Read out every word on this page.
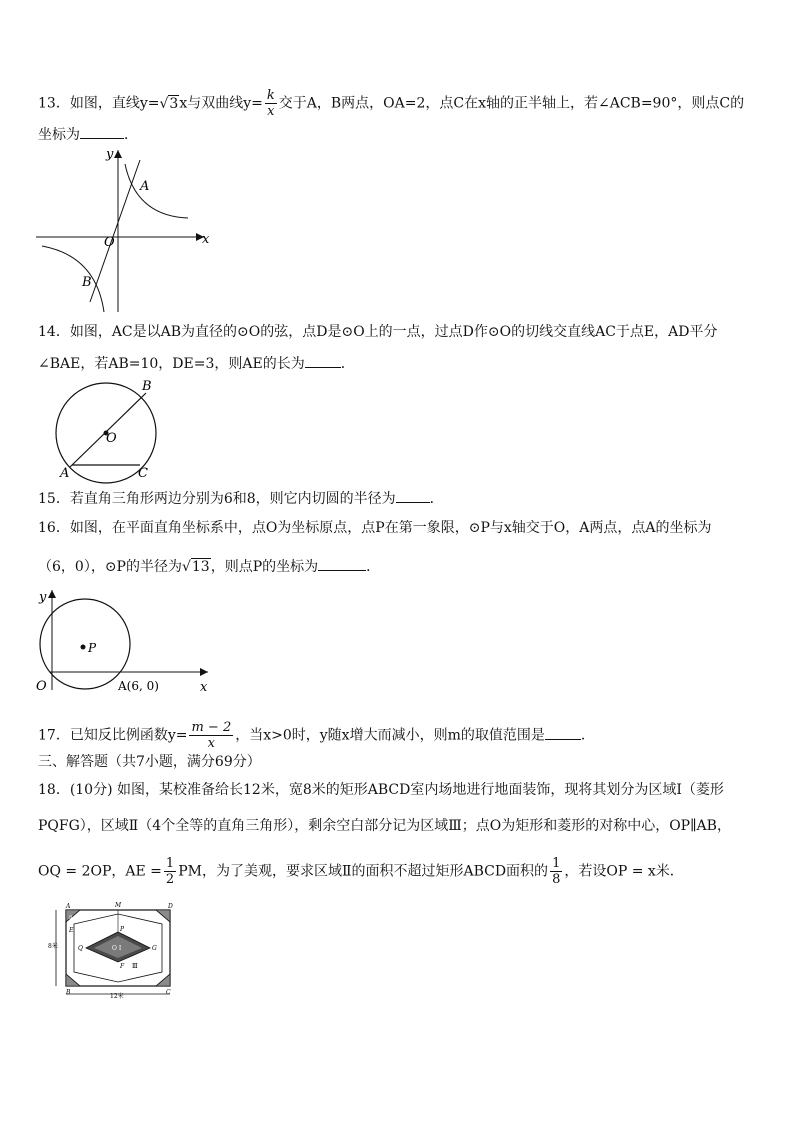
13．如图，直线y=√3x与双曲线$y= \frac{k}{x}$ 交于A，B两点，OA=2，点C在x轴的正半轴上，若∠ACB=90°，则点C的
坐标为	．
y
x
O
A
B
14．如图，AC是以AB为直径的⊙O的弦，点D是⊙O上的一点，过点D作⊙O的切线交直线AC于点E，AD平分
∠BAE，若AB=10，DE=3，则AE的长为	．
B
O
A	C
15．若直角三角形两边分别为6和8，则它内切圆的半径为 ．
16．如图，在平面直角坐标系中，点O为坐标原点，点P在第一象限，⊙P与x轴交于O，A两点，点A的坐标为
（6，0），⊙P的半径为√13，则点P的坐标为	．
y
x
O
P
A(6, 0)
17．已知反比例函数$y= \frac{m - 2}{x}$ ，当x>0时，y随x增大而减小，则m的取值范围是	．
三、解答题（共7小题，满分69分）
18．(10分) 如图，某校准备给长12米，宽8米的矩形ABCD室内场地进行地面装饰，现将其划分为区域Ⅰ（菱形
PQFG），区域Ⅱ（4个全等的直角三角形），剩余空白部分记为区域Ⅲ；点O为矩形和菱形的对称中心，OP∥AB，
OQ = 2OP，AE = $\frac{1}{2}$ PM，为了美观，要求区域Ⅱ的面积不超过矩形ABCD面积的 $\frac{1}{8}$ ，若设OP = x米．
A	M	D
E	P
Q	G
F
O Ⅰ
Ⅲ
Ⅱ
B	C
12米
8米
